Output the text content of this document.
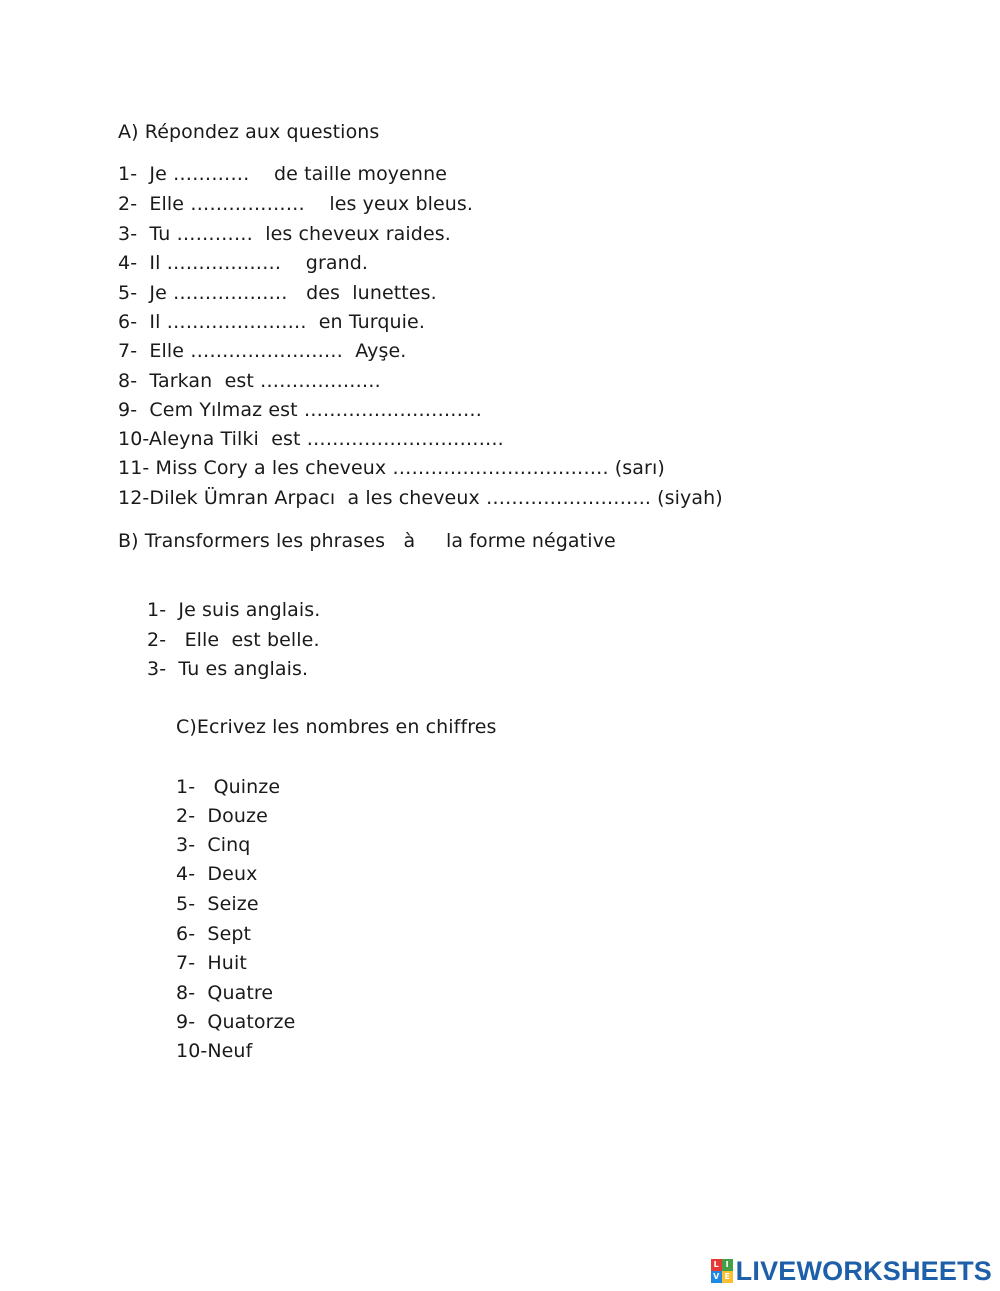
A) Répondez aux questions
1-  Je …………    de taille moyenne
2-  Elle ………………    les yeux bleus.
3-  Tu …………  les cheveux raides.
4-  Il ………………    grand.
5-  Je ………………   des  lunettes.
6-  Il ………………….  en Turquie.
7-  Elle ……………………  Ayşe.
8-  Tarkan  est ……………….
9-  Cem Yılmaz est ……………………….
10-Aleyna Tilki  est ………………………….
11- Miss Cory a les cheveux ……………………………. (sarı)
12-Dilek Ümran Arpacı  a les cheveux …………………….. (siyah)
B) Transformers les phrases   à     la forme négative
1-  Je suis anglais.
2-   Elle  est belle.
3-  Tu es anglais.
C)Ecrivez les nombres en chiffres
1-   Quinze
2-  Douze
3-  Cinq
4-  Deux
5-  Seize
6-  Sept
7-  Huit
8-  Quatre
9-  Quatorze
10-Neuf
L I
V E LIVEWORKSHEETS
